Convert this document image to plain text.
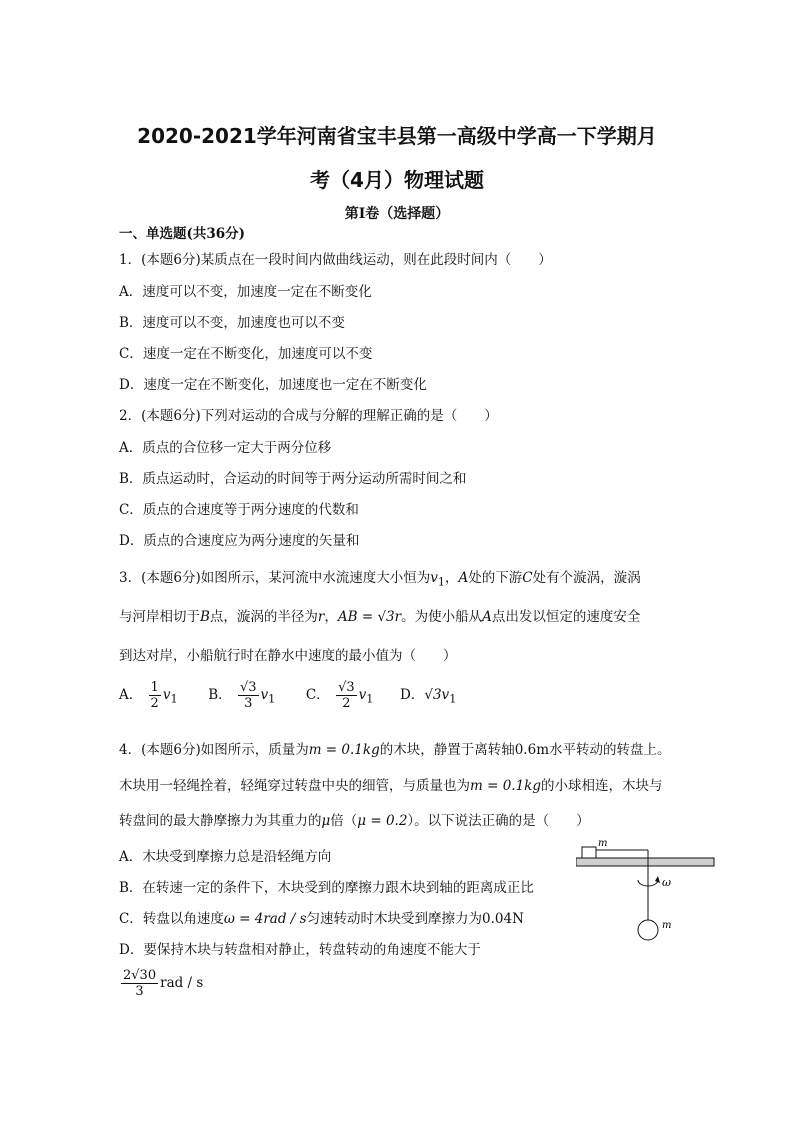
2020-2021学年河南省宝丰县第一高级中学高一下学期月
考（4月）物理试题
第Ⅰ卷（选择题）
一、单选题(共36分)
1．(本题6分)某质点在一段时间内做曲线运动，则在此段时间内（　　）
A．速度可以不变，加速度一定在不断变化
B．速度可以不变，加速度也可以不变
C．速度一定在不断变化，加速度可以不变
D．速度一定在不断变化，加速度也一定在不断变化
2．(本题6分)下列对运动的合成与分解的理解正确的是（　　）
A．质点的合位移一定大于两分位移
B．质点运动时，合运动的时间等于两分运动所需时间之和
C．质点的合速度等于两分速度的代数和
D．质点的合速度应为两分速度的矢量和
3．(本题6分)如图所示，某河流中水流速度大小恒为$v_1$，A处的下游C处有个漩涡，漩涡
与河岸相切于B点，漩涡的半径为r，AB = √3r。为使小船从A点出发以恒定的速度安全
到达对岸，小船航行时在静水中速度的最小值为（　　）
A． $\frac{1}{2} v_1$ B． $\frac{√3}{3} v_1$ C． $\frac{√3}{2} v_1$ D．$√3v_1$
4．(本题6分)如图所示，质量为m = 0.1kg的木块，静置于离转轴0.6m水平转动的转盘上。
木块用一轻绳拴着，轻绳穿过转盘中央的细管，与质量也为m = 0.1kg的小球相连，木块与
转盘间的最大静摩擦力为其重力的μ倍（μ = 0.2）。以下说法正确的是（　　）
A．木块受到摩擦力总是沿轻绳方向
B．在转速一定的条件下，木块受到的摩擦力跟木块到轴的距离成正比
C．转盘以角速度ω = 4rad / s匀速转动时木块受到摩擦力为0.04N
D．要保持木块与转盘相对静止，转盘转动的角速度不能大于
$\frac{2√30}{3}$ rad / s
m
ω
m
